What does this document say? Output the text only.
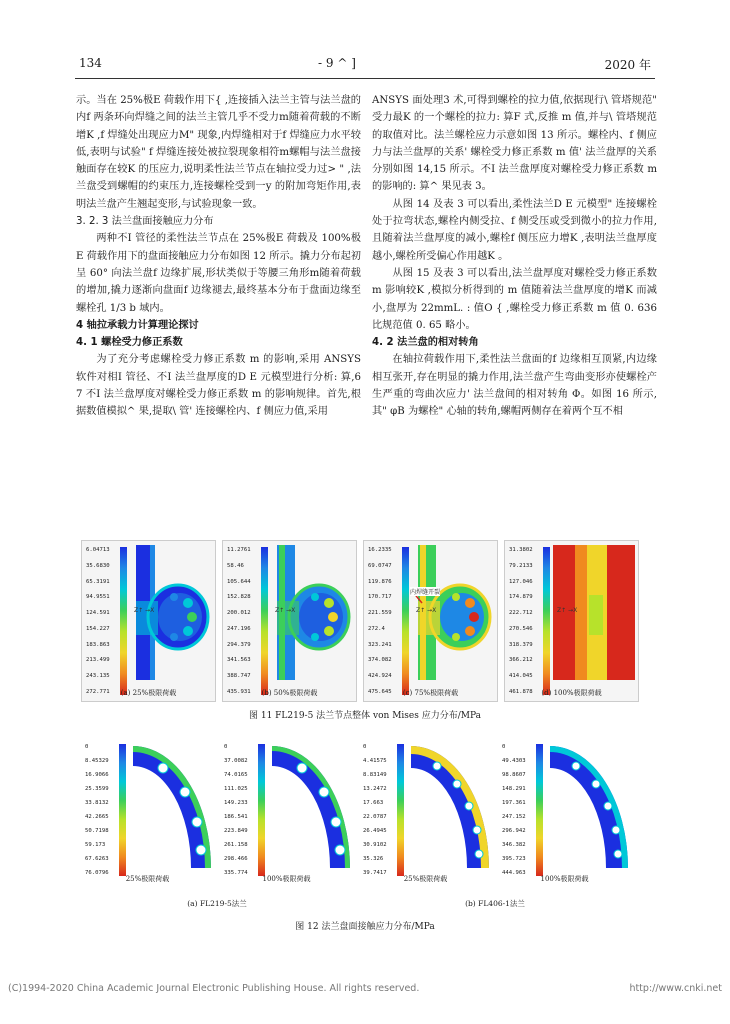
134	- 9 ^ ]	2020 年

示。当在 25%极E 荷载作用下{ ,连接插入法兰主管与法兰盘的内f 两条环向焊缝之间的法兰主管几乎不受力m随着荷载的不断增K ,f 焊缝处出现应力M" 现象,内焊缝相对于f 焊缝应力水平较低,表明与试验" f 焊缝连接处被拉裂现象相符m螺帽与法兰盘接触面存在较K 的压应力,说明柔性法兰节点在轴拉受力过> " ,法兰盘受到螺帽的约束压力,连接螺栓受到一y 的附加弯矩作用,表明法兰盘产生翘起变形,与试验现象一致。

3. 2. 3 法兰盘面接触应力分布

两种不I 管径的柔性法兰节点在 25%极E 荷载及 100%极E 荷载作用下的盘面接触应力分布如图 12 所示。撬力分布起初呈 60° 向法兰盘f 边缘扩展,形状类似于等腰三角形m随着荷载的增加,撬力逐渐向盘面f 边缘褪去,最终基本分布于盘面边缘至螺栓孔 1/3 b 域内。

4 轴拉承载力计算理论探讨

4. 1 螺栓受力修正系数

为了充分考虑螺栓受力修正系数 m 的影响,采用 ANSYS 软件对相I 管径、不I 法兰盘厚度的D E 元模型进行分析: 算,6 7 不I 法兰盘厚度对螺栓受力修正系数 m 的影响规律。首先,根据数值模拟^ 果,提取\ 管' 连接螺栓内、f 侧应力值,采用

ANSYS 面处理3 术,可得到螺栓的拉力值,依据现行\ 管塔规范" 受力最K 的一个螺栓的拉力: 算F 式,反推 m 值,并与\ 管塔规范的取值对比。法兰螺栓应力示意如图 13 所示。螺栓内、f 侧应力与法兰盘厚的关系' 螺栓受力修正系数 m 值' 法兰盘厚的关系分别如图 14,15 所示。不I 法兰盘厚度对螺栓受力修正系数 m 的影响的: 算^ 果见表 3。

从图 14 及表 3 可以看出,柔性法兰D E 元模型" 连接螺栓处于拉弯状态,螺栓内侧受拉、f 侧受压或受到微小的拉力作用,且随着法兰盘厚度的减小,螺栓f 侧压应力增K ,表明法兰盘厚度越小,螺栓所受偏心作用越K 。

从图 15 及表 3 可以看出,法兰盘厚度对螺栓受力修正系数 m 影响较K ,模拟分析得到的 m 值随着法兰盘厚度的增K 而减小,盘厚为 22mmL. : 值O { ,螺栓受力修正系数 m 值 0. 636 比规范值 0. 65 略小。

4. 2 法兰盘的相对转角

在轴拉荷载作用下,柔性法兰盘面的f 边缘相互顶紧,内边缘相互张开,存在明显的撬力作用,法兰盘产生弯曲变形亦使螺栓产生严重的弯曲次应力' 法兰盘间的相对转角 Φ。如图 16 所示,其" φB 为螺栓" 心轴的转角,螺帽两侧存在着两个互不相

6.04713
35.6830
65.3191
94.9551
124.591
154.227
183.863
213.499
243.135
272.771
Z↑ →X
(a) 25%极限荷载
11.2761
58.46
105.644
152.828
200.012
247.196
294.379
341.563
388.747
435.931
Z↑ →X
(b) 50%极限荷载
16.2335
69.0747
119.876
170.717
221.559
272.4
323.241
374.082
424.924
475.645
内焊缝开裂
Z↑ →X
(c) 75%极限荷载
31.3802
79.2133
127.046
174.879
222.712
270.546
318.379
366.212
414.045
461.878
Z↑ →X
(d) 100%极限荷载
图 11 FL219-5 法兰节点整体 von Mises 应力分布/MPa
0
8.45329
16.9066
25.3599
33.8132
42.2665
50.7198
59.173
67.6263
76.0796
25%极限荷载
0
37.0082
74.0165
111.025
149.233
186.541
223.849
261.158
298.466
335.774
100%极限荷载
0
4.41575
8.83149
13.2472
17.663
22.0787
26.4945
30.9102
35.326
39.7417
25%极限荷载
0
49.4303
98.8607
148.291
197.361
247.152
296.942
346.382
395.723
444.963
100%极限荷载
(a) FL219-5法兰	(b) FL406-1法兰
图 12 法兰盘面接触应力分布/MPa
(C)1994-2020 China Academic Journal Electronic Publishing House. All rights reserved.	http://www.cnki.net
